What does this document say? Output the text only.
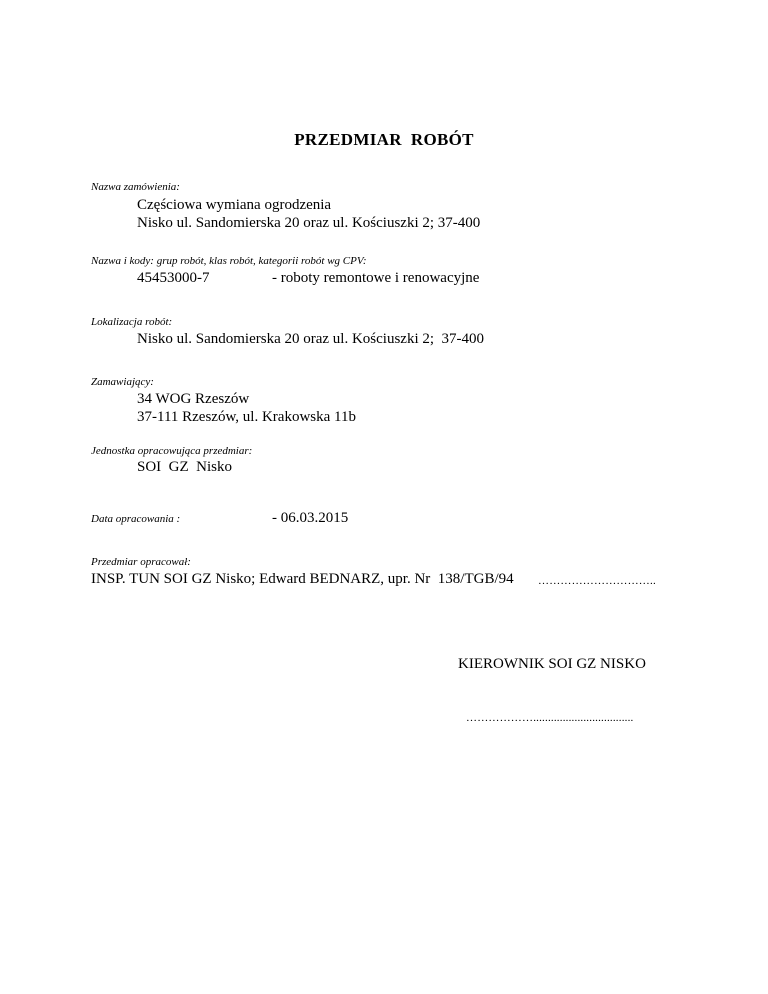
PRZEDMIAR  ROBÓT
Nazwa zamówienia:
Częściowa wymiana ogrodzenia
Nisko ul. Sandomierska 20 oraz ul. Kościuszki 2; 37-400
Nazwa i kody: grup robót, klas robót, kategorii robót wg CPV:
45453000-7	- roboty remontowe i renowacyjne
Lokalizacja robót:
Nisko ul. Sandomierska 20 oraz ul. Kościuszki 2;  37-400
Zamawiający:
34 WOG Rzeszów
37-111 Rzeszów, ul. Krakowska 11b
Jednostka opracowująca przedmiar:
SOI  GZ  Nisko
Data opracowania :	- 06.03.2015
Przedmiar opracował:
INSP. TUN SOI GZ Nisko; Edward BEDNARZ, upr. Nr  138/TGB/94 …………………………..
KIEROWNIK SOI GZ NISKO
………………..................................
